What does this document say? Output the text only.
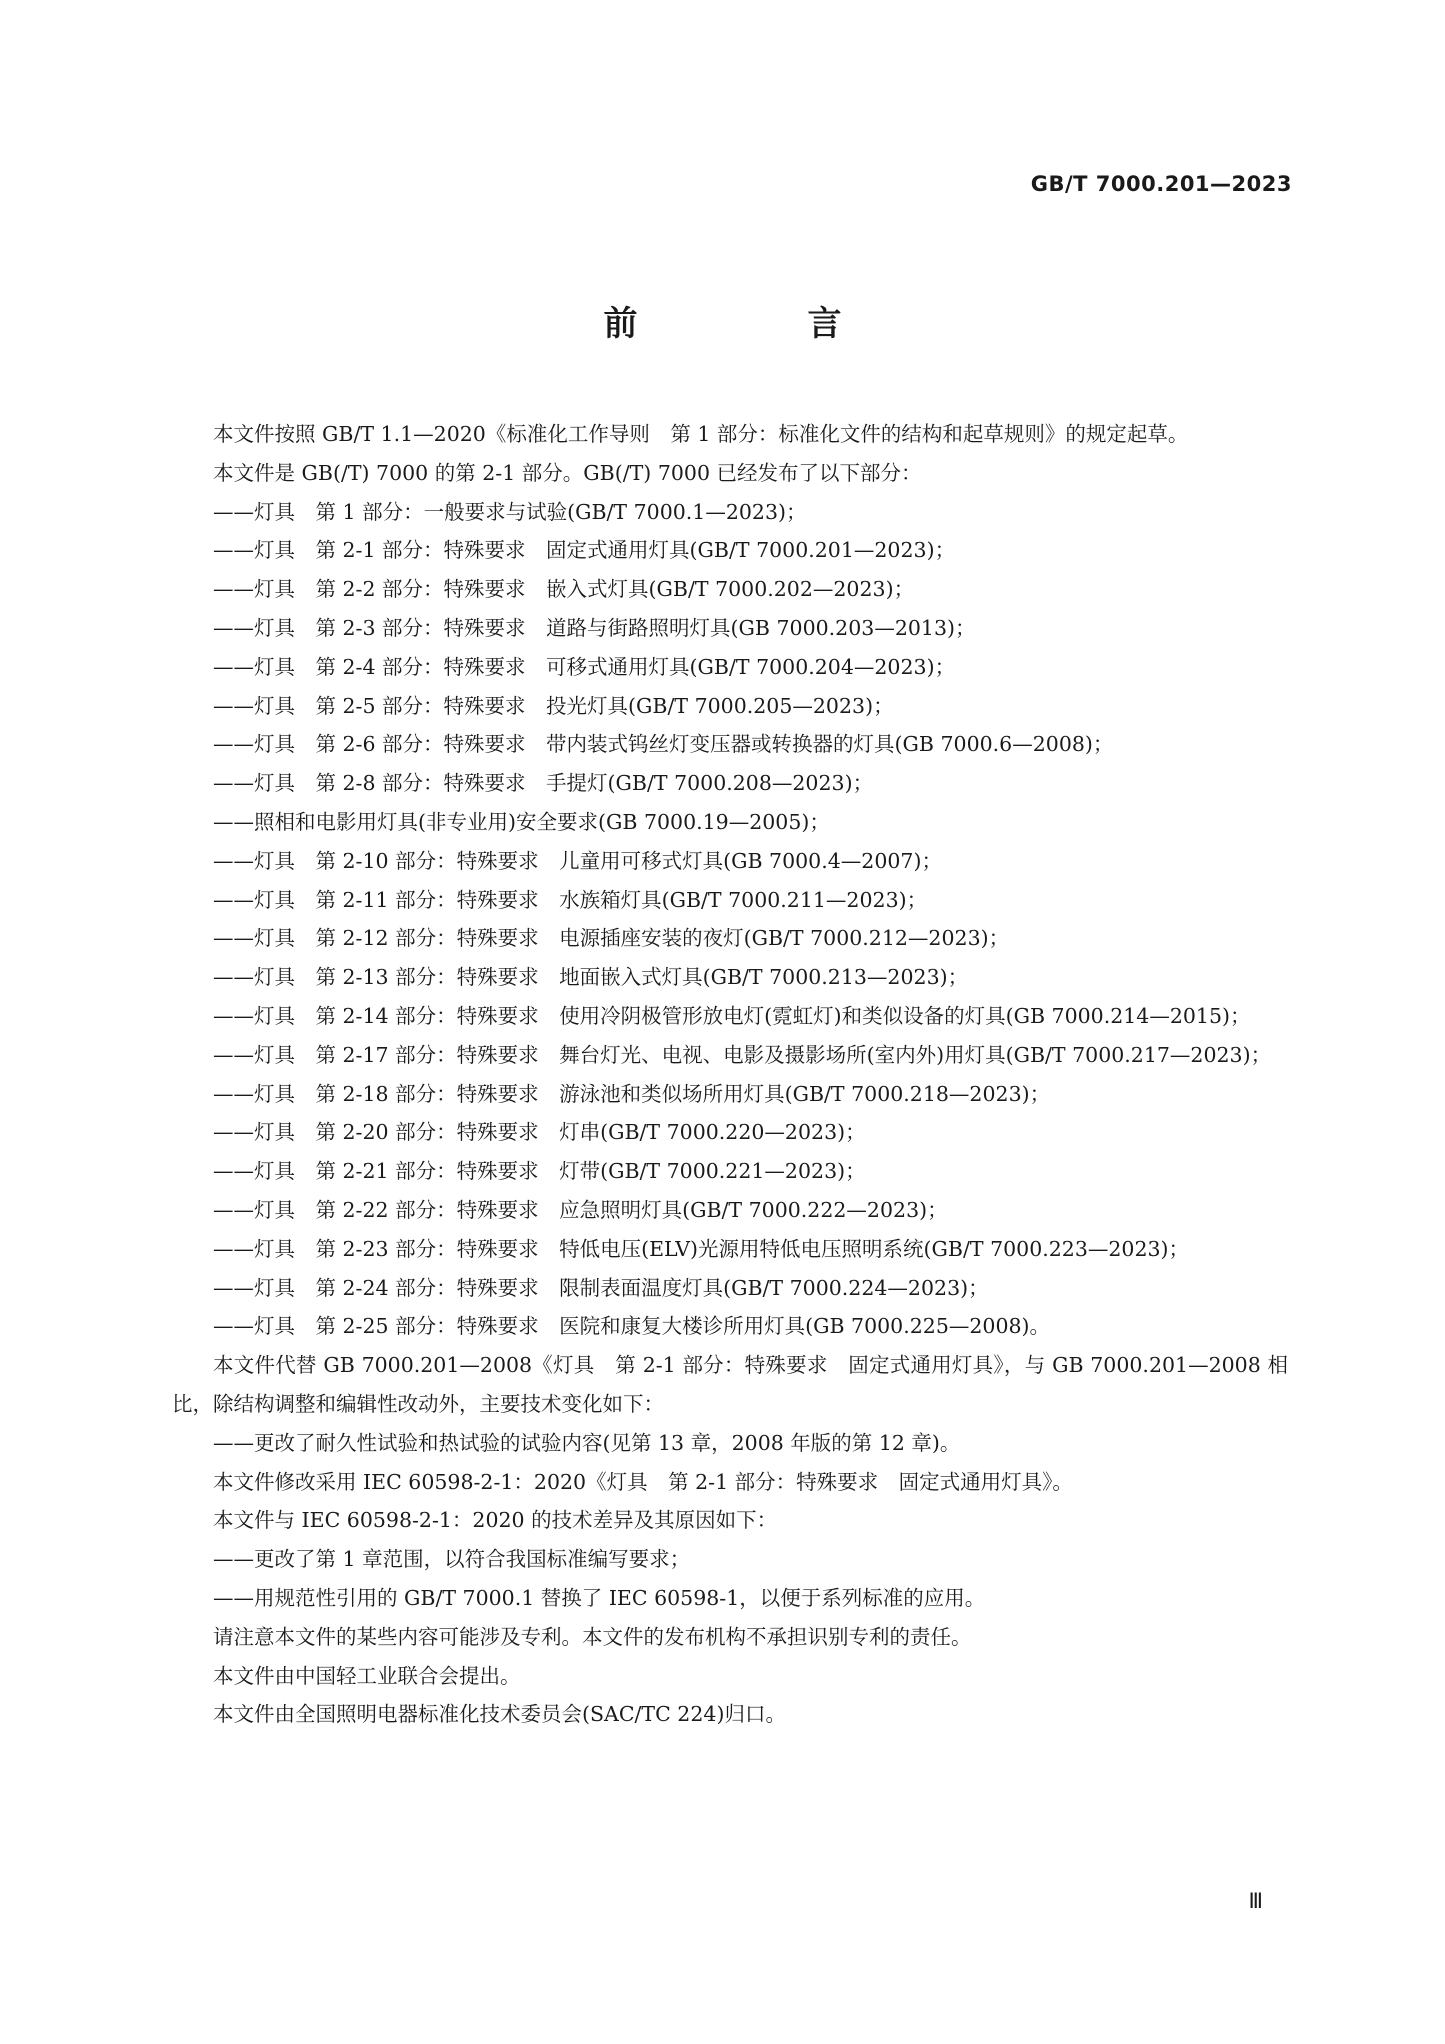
GB/T 7000.201—2023
前　言

本文件按照 GB/T 1.1—2020《标准化工作导则　第 1 部分：标准化文件的结构和起草规则》的规定起草。

本文件是 GB(/T) 7000 的第 2-1 部分。GB(/T) 7000 已经发布了以下部分：

——灯具　第 1 部分：一般要求与试验(GB/T 7000.1—2023)；

——灯具　第 2-1 部分：特殊要求　固定式通用灯具(GB/T 7000.201—2023)；

——灯具　第 2-2 部分：特殊要求　嵌入式灯具(GB/T 7000.202—2023)；

——灯具　第 2-3 部分：特殊要求　道路与街路照明灯具(GB 7000.203—2013)；

——灯具　第 2-4 部分：特殊要求　可移式通用灯具(GB/T 7000.204—2023)；

——灯具　第 2-5 部分：特殊要求　投光灯具(GB/T 7000.205—2023)；

——灯具　第 2-6 部分：特殊要求　带内装式钨丝灯变压器或转换器的灯具(GB 7000.6—2008)；

——灯具　第 2-8 部分：特殊要求　手提灯(GB/T 7000.208—2023)；

——照相和电影用灯具(非专业用)安全要求(GB 7000.19—2005)；

——灯具　第 2-10 部分：特殊要求　儿童用可移式灯具(GB 7000.4—2007)；

——灯具　第 2-11 部分：特殊要求　水族箱灯具(GB/T 7000.211—2023)；

——灯具　第 2-12 部分：特殊要求　电源插座安装的夜灯(GB/T 7000.212—2023)；

——灯具　第 2-13 部分：特殊要求　地面嵌入式灯具(GB/T 7000.213—2023)；

——灯具　第 2-14 部分：特殊要求　使用冷阴极管形放电灯(霓虹灯)和类似设备的灯具(GB 7000.214—2015)；

——灯具　第 2-17 部分：特殊要求　舞台灯光、电视、电影及摄影场所(室内外)用灯具(GB/T 7000.217—2023)；

——灯具　第 2-18 部分：特殊要求　游泳池和类似场所用灯具(GB/T 7000.218—2023)；

——灯具　第 2-20 部分：特殊要求　灯串(GB/T 7000.220—2023)；

——灯具　第 2-21 部分：特殊要求　灯带(GB/T 7000.221—2023)；

——灯具　第 2-22 部分：特殊要求　应急照明灯具(GB/T 7000.222—2023)；

——灯具　第 2-23 部分：特殊要求　特低电压(ELV)光源用特低电压照明系统(GB/T 7000.223—2023)；

——灯具　第 2-24 部分：特殊要求　限制表面温度灯具(GB/T 7000.224—2023)；

——灯具　第 2-25 部分：特殊要求　医院和康复大楼诊所用灯具(GB 7000.225—2008)。

本文件代替 GB 7000.201—2008《灯具　第 2-1 部分：特殊要求　固定式通用灯具》，与 GB 7000.201—2008 相比，除结构调整和编辑性改动外，主要技术变化如下：

——更改了耐久性试验和热试验的试验内容(见第 13 章，2008 年版的第 12 章)。

本文件修改采用 IEC 60598-2-1：2020《灯具　第 2-1 部分：特殊要求　固定式通用灯具》。

本文件与 IEC 60598-2-1：2020 的技术差异及其原因如下：

——更改了第 1 章范围，以符合我国标准编写要求；

——用规范性引用的 GB/T 7000.1 替换了 IEC 60598-1，以便于系列标准的应用。

请注意本文件的某些内容可能涉及专利。本文件的发布机构不承担识别专利的责任。

本文件由中国轻工业联合会提出。

本文件由全国照明电器标准化技术委员会(SAC/TC 224)归口。

Ⅲ
